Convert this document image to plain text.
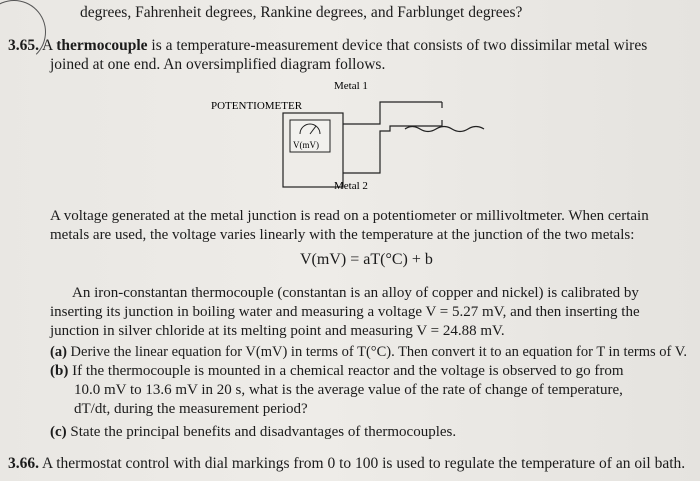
degrees, Fahrenheit degrees, Rankine degrees, and Farblunget degrees?
3.65. A thermocouple is a temperature-measurement device that consists of two dissimilar metal wires
joined at one end. An oversimplified diagram follows.
Metal 1
POTENTIOMETER
V(mV)
Metal 2
A voltage generated at the metal junction is read on a potentiometer or millivoltmeter. When certain
metals are used, the voltage varies linearly with the temperature at the junction of the two metals:
V(mV) = aT(°C) + b
An iron-constantan thermocouple (constantan is an alloy of copper and nickel) is calibrated by
inserting its junction in boiling water and measuring a voltage V = 5.27 mV, and then inserting the
junction in silver chloride at its melting point and measuring V = 24.88 mV.
(a) Derive the linear equation for V(mV) in terms of T(°C). Then convert it to an equation for T in terms of V.
(b) If the thermocouple is mounted in a chemical reactor and the voltage is observed to go from
10.0 mV to 13.6 mV in 20 s, what is the average value of the rate of change of temperature,
dT/dt, during the measurement period?
(c) State the principal benefits and disadvantages of thermocouples.
3.66. A thermostat control with dial markings from 0 to 100 is used to regulate the temperature of an oil bath.
